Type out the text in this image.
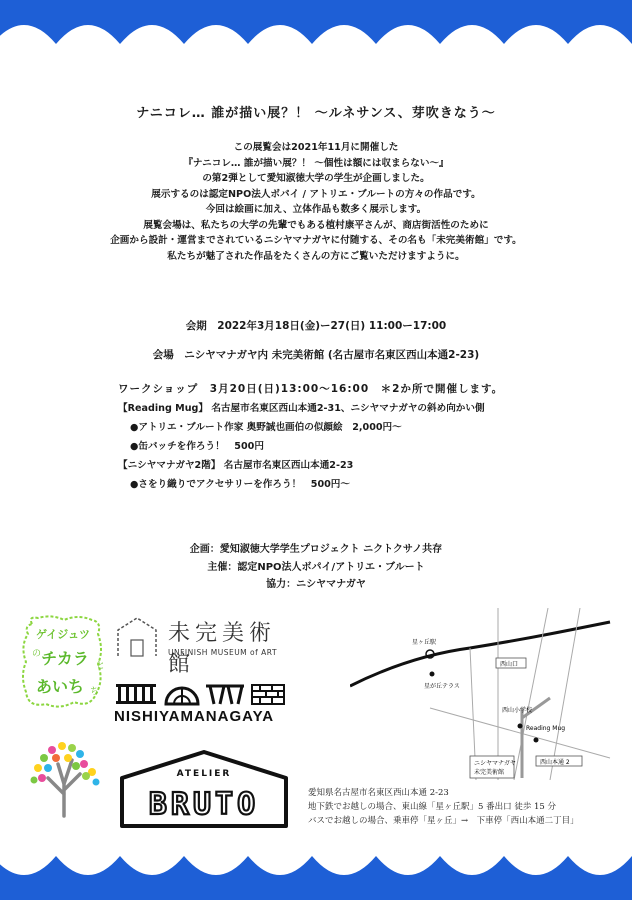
ナニコレ… 誰が描い展？！ 〜ルネサンス、芽吹きなう〜
この展覧会は2021年11月に開催した
『ナニコレ… 誰が描い展？！ 〜個性は額には収まらない〜』
の第2弾として愛知淑徳大学の学生が企画しました。
展示するのは認定NPO法人ボパイ / アトリエ・ブルートの方々の作品です。
今回は絵画に加え、立体作品も数多く展示します。
展覧会場は、私たちの大学の先輩でもある植村康平さんが、商店街活性のために
企画から設計・運営までされているニシヤマナガヤに付随する、その名も「未完美術館」です。
私たちが魅了された作品をたくさんの方にご覧いただけますように。
会期　2022年3月18日(金)ー27(日) 11:00ー17:00
会場　ニシヤマナガヤ内 未完美術館 (名古屋市名東区西山本通2-23)
ワークショップ　3月20日(日)13:00〜16:00　＊2か所で開催します。
【Reading Mug】 名古屋市名東区西山本通2-31、ニシヤマナガヤの斜め向かい側
●アトリエ・ブルート作家 奥野誠也画伯の似顔絵　2,000円〜
●缶バッチを作ろう！　500円
【ニシヤマナガヤ2階】 名古屋市名東区西山本通2-23
●さをり織りでアクセサリーを作ろう！　500円〜
企画：愛知淑徳大学学生プロジェクト ニクトクサノ共存
主催：認定NPO法人ボパイ/アトリエ・ブルート
協力：ニシヤマナガヤ
ゲイジュツ
の チカラ と
あいち ち
未完美術館
UNFINISH MUSEUM of ART
NISHIYAMANAGAYA
ATELIER
BRUTO
星ヶ丘駅
星が丘テラス
西山口
西山小学校
Reading Mug
西山本通 2
ニシヤマナガヤ
未完美術館
愛知県名古屋市名東区西山本通 2-23
地下鉄でお越しの場合、東山線「星ヶ丘駅」5 番出口 徒歩 15 分
バスでお越しの場合、乗車停「星ヶ丘」→　下車停「西山本通二丁目」
